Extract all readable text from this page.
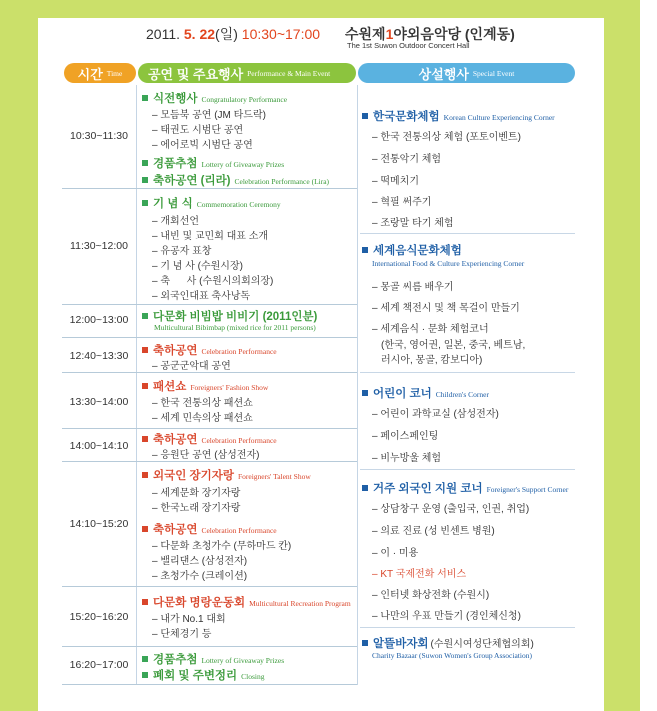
2011. 5. 22(일) 10:30~17:00 수원제1야외음악당 (인계동)
The 1st Suwon Outdoor Concert Hall
시간 Time 공연 및 주요행사 Performance & Main Event	상설행사 Special Event
10:30~11:30
11:30~12:00
12:00~13:00
12:40~13:30
13:30~14:00
14:00~14:10
14:10~15:20
15:20~16:20
16:20~17:00
식전행사 Congratulatory Performance
– 모듬북 공연 (JM 타드락)
– 태권도 시범단 공연
– 에어로빅 시범단 공연
경품추첨 Lottery of Giveaway Prizes
축하공연 (리라) Celebration Performance (Lira)
기 념 식 Commemoration Ceremony
– 개회선언
– 내빈 및 교민회 대표 소개
– 유공자 표창
– 기 념 사 (수원시장)
– 축      사 (수원시의회의장)
– 외국인대표 축사낭독
다문화 비빔밥 비비기 (2011인분)
Multicultural Bibimbap (mixed rice for 2011 persons)
축하공연 Celebration Performance
– 공군군악대 공연
패션쇼 Foreigners' Fashion Show
– 한국 전통의상 패션쇼
– 세계 민속의상 패션쇼
축하공연 Celebration Performance
– 응원단 공연 (삼성전자)
외국인 장기자랑 Foreigners' Talent Show
– 세계문화 장기자랑
– 한국노래 장기자랑
축하공연 Celebration Performance
– 다문화 초청가수 (무하마드 칸)
– 밸리댄스 (삼성전자)
– 초청가수 (크레이션)
다문화 명랑운동회 Multicultural Recreation Program
– 내가 No.1 대회
– 단체경기 등
경품추첨 Lottery of Giveaway Prizes
폐회 및 주변정리 Closing
한국문화체험 Korean Culture Experiencing Corner
– 한국 전통의상 체험 (포토이벤트)
– 전통악기 체험
– 떡메치기
– 혁필 써주기
– 조랑말 타기 체험
세계음식문화체험
International Food & Culture Experiencing Corner
– 몽골 씨름 배우기
– 세계 책전시 및 책 목걸이 만들기
– 세계음식 · 문화 체험코너
(한국, 영어권, 일본, 중국, 베트남,
러시아, 몽골, 캄보디아)
어린이 코너 Children's Corner
– 어린이 과학교실 (삼성전자)
– 페이스페인팅
– 비누방울 체험
거주 외국인 지원 코너 Foreigner's Support Corner
– 상담창구 운영 (출입국, 인권, 취업)
– 의료 진료 (성 빈센트 병원)
– 이 · 미용
– KT 국제전화 서비스
– 인터넷 화상전화 (수원시)
– 나만의 우표 만들기 (경인체신청)
알뜰바자회 (수원시여성단체협의회)
Charity Bazaar (Suwon Women's Group Association)
